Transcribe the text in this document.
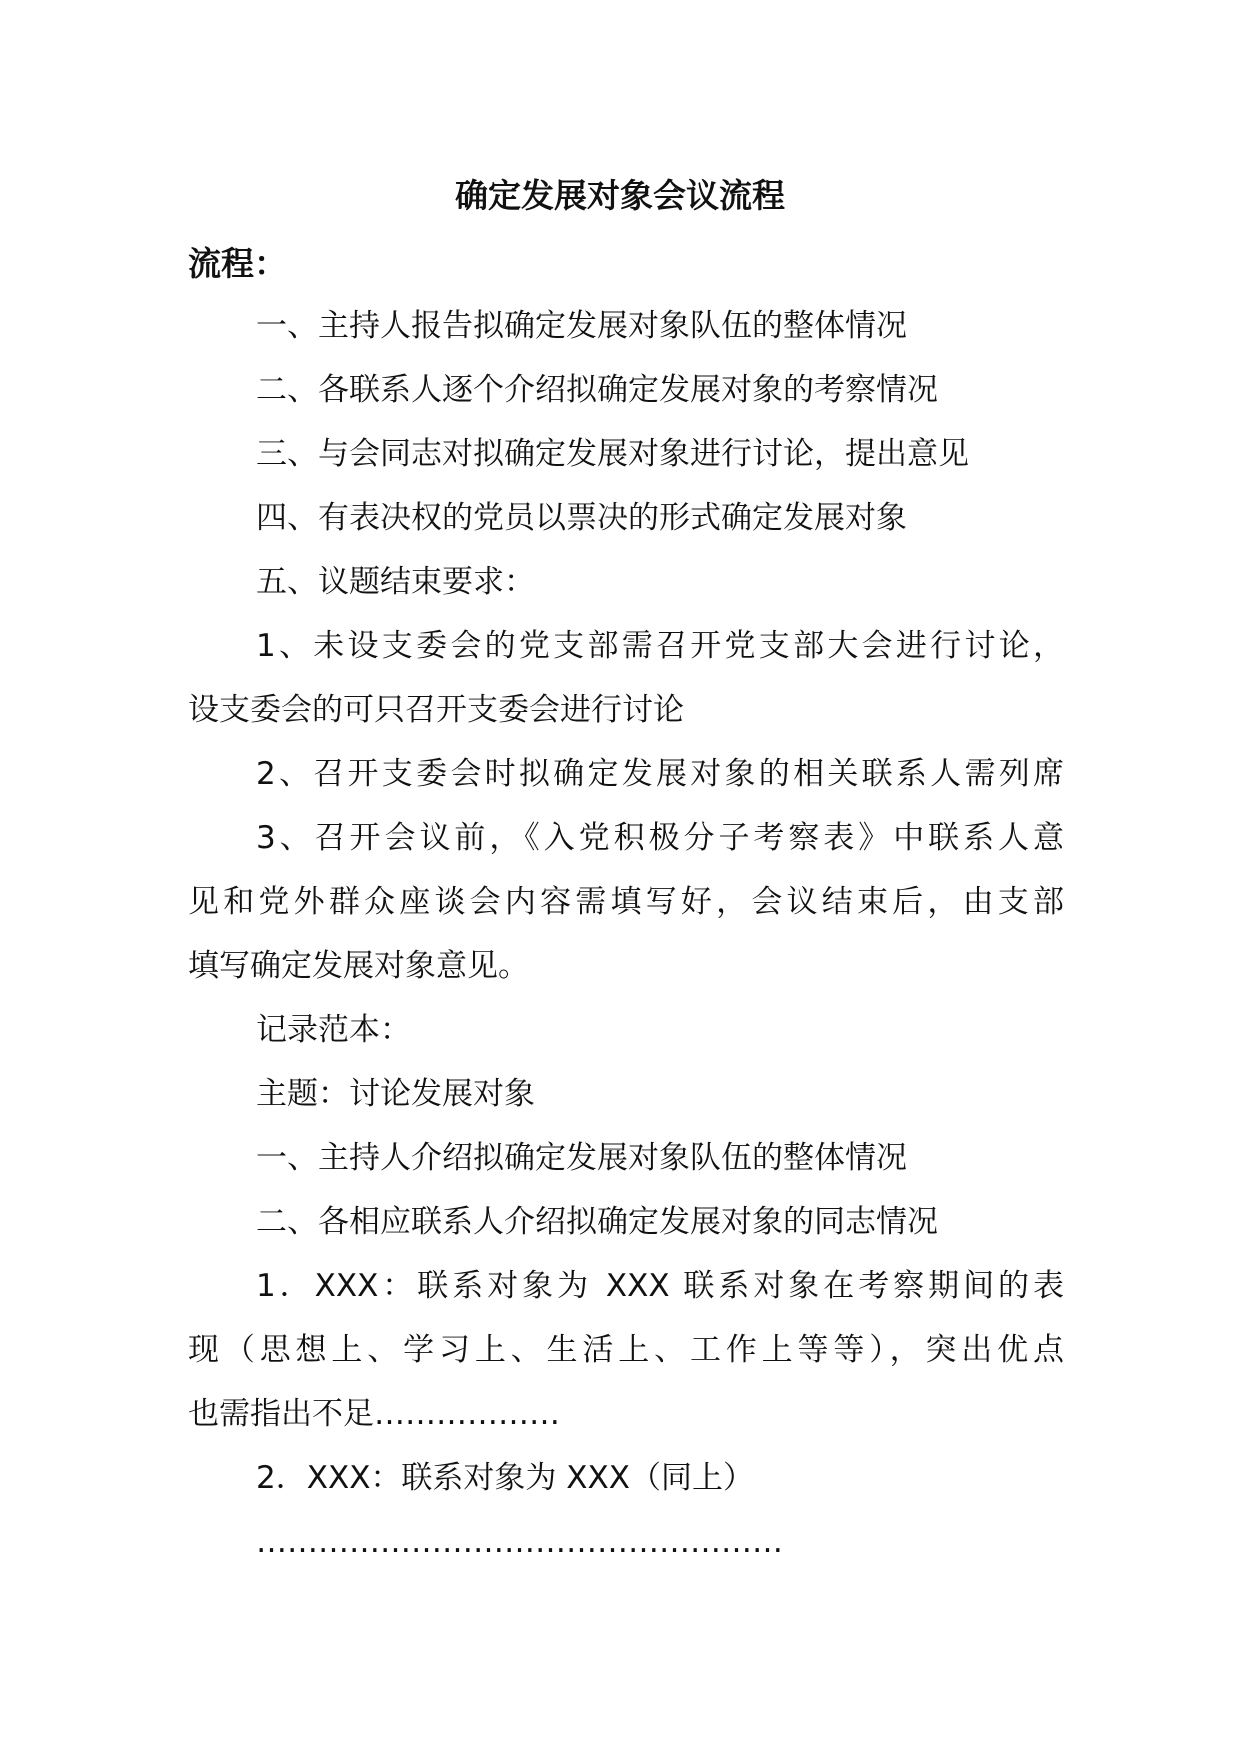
确定发展对象会议流程
流程：

一、主持人报告拟确定发展对象队伍的整体情况

二、各联系人逐个介绍拟确定发展对象的考察情况

三、与会同志对拟确定发展对象进行讨论，提出意见

四、有表决权的党员以票决的形式确定发展对象

五、议题结束要求：

1、未设支委会的党支部需召开党支部大会进行讨论，

设支委会的可只召开支委会进行讨论

2、召开支委会时拟确定发展对象的相关联系人需列席

3、召开会议前，《入党积极分子考察表》中联系人意

见和党外群众座谈会内容需填写好，会议结束后，由支部

填写确定发展对象意见。

记录范本：

主题：讨论发展对象

一、主持人介绍拟确定发展对象队伍的整体情况

二、各相应联系人介绍拟确定发展对象的同志情况

1．XXX：联系对象为 XXX 联系对象在考察期间的表

现（思想上、学习上、生活上、工作上等等），突出优点

也需指出不足………………

2．XXX：联系对象为 XXX（同上）

……………………………………………
